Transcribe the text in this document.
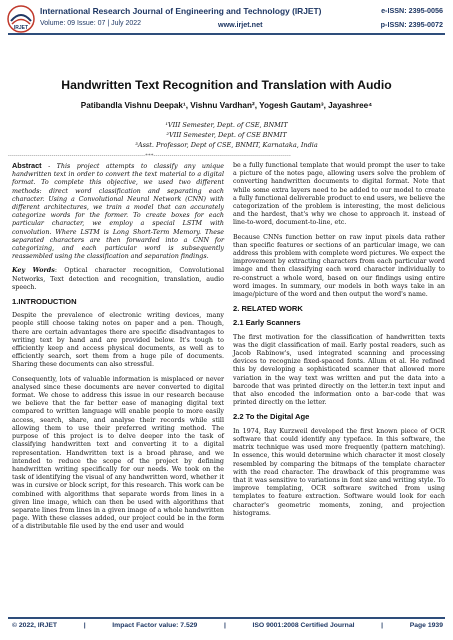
IRJET
International Research Journal of Engineering and Technology (IRJET)
Volume: 09 Issue: 07 | July 2022	www.irjet.net
e-ISSN: 2395-0056
p-ISSN: 2395-0072
Handwritten Text Recognition and Translation with Audio
Patibandla Vishnu Deepak¹, Vishnu Vardhan², Yogesh Gautam³, Jayashree⁴
¹VIII Semester, Dept. of CSE, BNMIT
²VIII Semester, Dept. of CSE BNMIT
³Asst. Professor, Dept of CSE, BNMIT, Karnataka, India
---------------------------------------------------------------------***---------------------------------------------------------------------

Abstract - This project attempts to classify any unique handwritten text in order to convert the text material to a digital format. To complete this objective, we used two different methods: direct word classification and separating each character. Using a Convolutional Neural Network (CNN) with different architectures, we train a model that can accurately categorize words for the former. To create boxes for each particular character, we employ a special LSTM with convolution. Where LSTM is Long Short-Term Memory. These separated characters are then forwarded into a CNN for categorizing, and each particular word is subsequently reassembled using the classification and separation findings.

Key Words: Optical character recognition, Convolutional Networks, Text detection and recognition, translation, audio speech.

1.INTRODUCTION

Despite the prevalence of electronic writing devices, many people still choose taking notes on paper and a pen. Though, there are certain advantages there are specific disadvantages to writing text by hand and are provided below. It's tough to efficiently keep and access physical documents, as well as to efficiently search, sort them from a huge pile of documents. Sharing these documents can also stressful.

Consequently, lots of valuable information is misplaced or never analysed since these documents are never converted to digital format. We chose to address this issue in our research because we believe that the far better ease of managing digital text compared to written language will enable people to more easily access, search, share, and analyse their records while still allowing them to use their preferred writing method. The purpose of this project is to delve deeper into the task of classifying handwritten text and converting it to a digital representation. Handwritten text is a broad phrase, and we intended to reduce the scope of the project by defining handwritten writing specifically for our needs. We took on the task of identifying the visual of any handwritten word, whether it was in cursive or block script, for this research. This work can be combined with algorithms that separate words from lines in a given line image, which can then be used with algorithms that separate lines from lines in a given image of a whole handwritten page. With these classes added, our project could be in the form of a distributable file used by the end user and would

be a fully functional template that would prompt the user to take a picture of the notes page, allowing users solve the problem of converting handwritten documents to digital format. Note that while some extra layers need to be added to our model to create a fully functional deliverable product to end users, we believe the categorization of the problem is interesting, the most delicious and the hardest, that's why we chose to approach it. instead of line-to-word, document-to-line, etc.

Because CNNs function better on raw input pixels data rather than specific features or sections of an particular image, we can address this problem with complete word pictures. We expect the improvement by extracting characters from each particular word image and then classifying each word character individually to re-construct a whole word, based on our findings using entire word images. In summary, our models in both ways take in an image/picture of the word and then output the word's name.

2. RELATED WORK
2.1 Early Scanners

The first motivation for the classification of handwritten texts was the digit classification of mail. Early postal readers, such as Jacob Rabinow's, used integrated scanning and processing devices to recognize fixed-spaced fonts. Allum et al. He refined this by developing a sophisticated scanner that allowed more variation in the way text was written and put the data into a barcode that was printed directly on the letter.in text input and that also encoded the information onto a bar-code that was printed directly on the letter.

2.2 To the Digital Age

In 1974, Ray Kurzweil developed the first known piece of OCR software that could identify any typeface. In this software, the matrix technique was used more frequently (pattern matching). In essence, this would determine which character it most closely resembled by comparing the bitmaps of the template character with the read character. The drawback of this programme was that it was sensitive to variations in font size and writing style. To improve templating, OCR software switched from using templates to feature extraction. Software would look for each character's geometric moments, zoning, and projection histograms.

© 2022, IRJET	|	Impact Factor value: 7.529	|	ISO 9001:2008 Certified Journal	|	Page 1939
